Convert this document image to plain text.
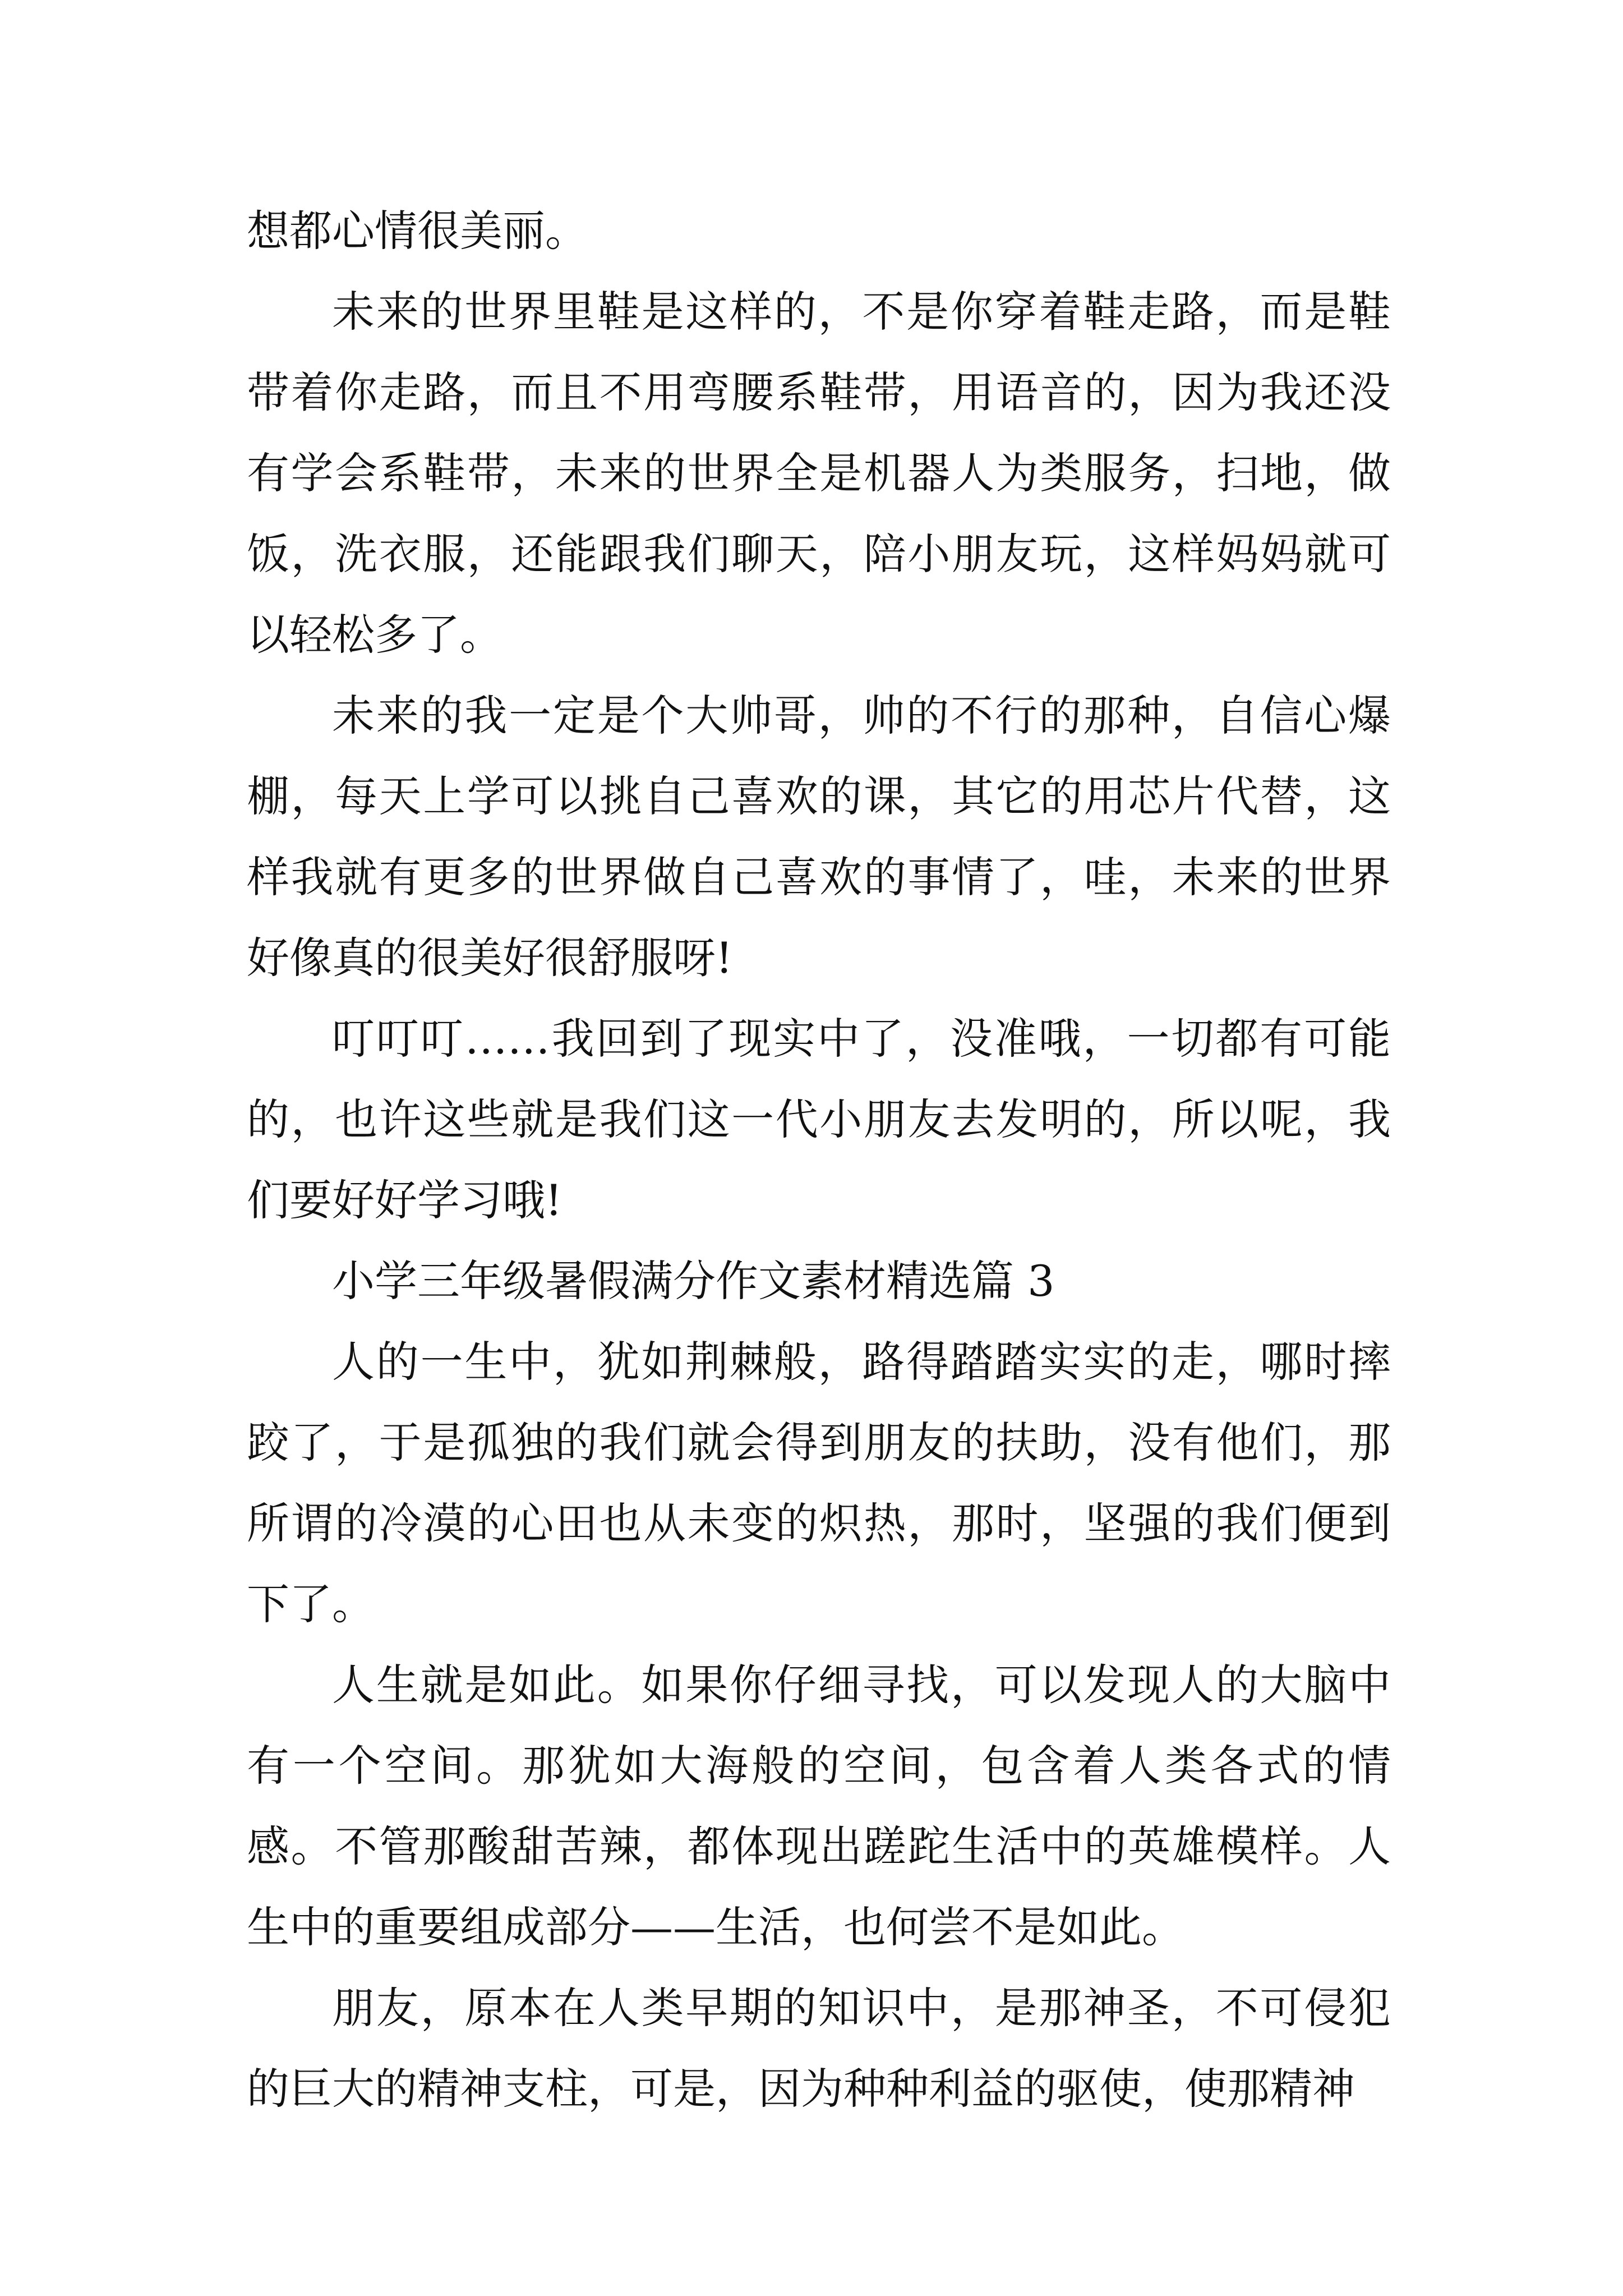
想都心情很美丽。

未来的世界里鞋是这样的，不是你穿着鞋走路，而是鞋带着你走路，而且不用弯腰系鞋带，用语音的，因为我还没有学会系鞋带，未来的世界全是机器人为类服务，扫地，做饭，洗衣服，还能跟我们聊天，陪小朋友玩，这样妈妈就可以轻松多了。

未来的我一定是个大帅哥，帅的不行的那种，自信心爆棚，每天上学可以挑自己喜欢的课，其它的用芯片代替，这样我就有更多的世界做自己喜欢的事情了，哇，未来的世界好像真的很美好很舒服呀!

叮叮叮……我回到了现实中了，没准哦，一切都有可能的，也许这些就是我们这一代小朋友去发明的，所以呢，我们要好好学习哦!

小学三年级暑假满分作文素材精选篇 3

人的一生中，犹如荆棘般，路得踏踏实实的走，哪时摔跤了，于是孤独的我们就会得到朋友的扶助，没有他们，那所谓的冷漠的心田也从未变的炽热，那时，坚强的我们便到下了。

人生就是如此。如果你仔细寻找，可以发现人的大脑中有一个空间。那犹如大海般的空间，包含着人类各式的情感。不管那酸甜苦辣，都体现出蹉跎生活中的英雄模样。人生中的重要组成部分——生活，也何尝不是如此。

朋友，原本在人类早期的知识中，是那神圣，不可侵犯的巨大的精神支柱，可是，因为种种利益的驱使，使那精神
